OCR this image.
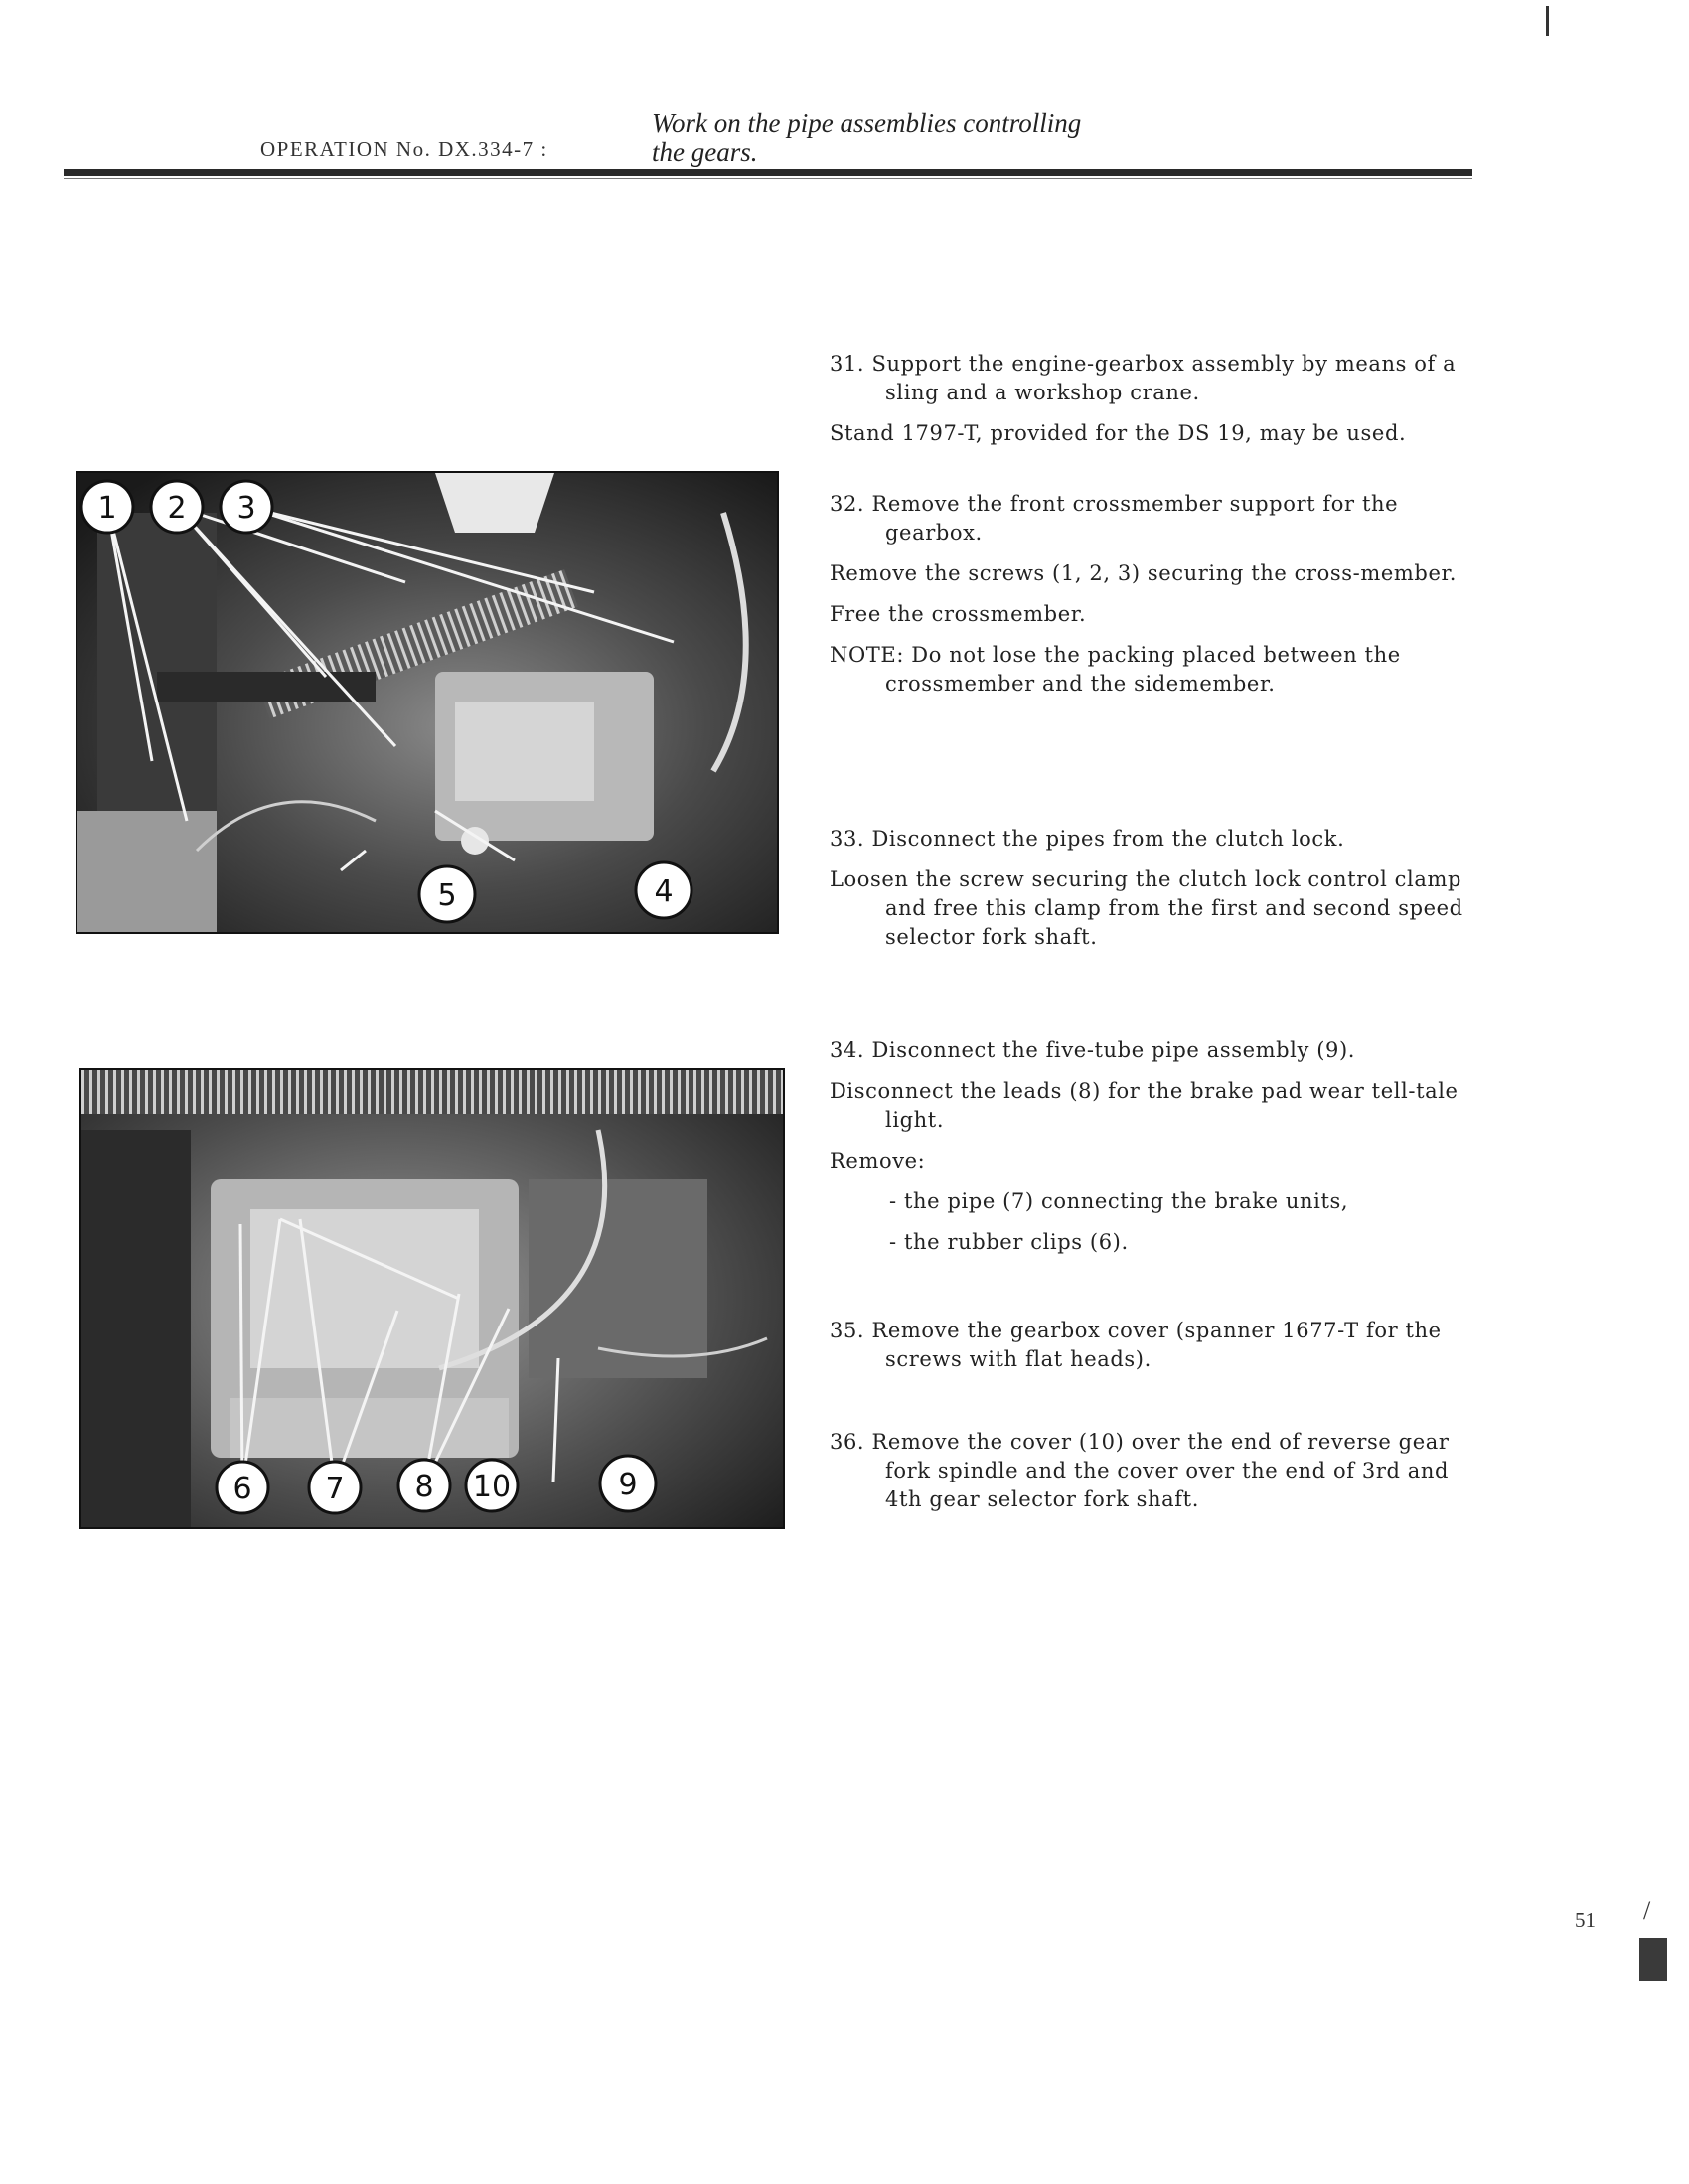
OPERATION No. DX.334-7 :
Work on the pipe assemblies controlling
the gears.
31. Support the engine-gearbox assembly by means of a sling and a workshop crane.
Stand 1797-T, provided for the DS 19, may be used.
32. Remove the front crossmember support for the gearbox.
Remove the screws (1, 2, 3) securing the cross-member.
Free the crossmember.
NOTE: Do not lose the packing placed between the crossmember and the sidemember.
33. Disconnect the pipes from the clutch lock.
Loosen the screw securing the clutch lock control clamp and free this clamp from the first and second speed selector fork shaft.
34. Disconnect the five-tube pipe assembly (9).
Disconnect the leads (8) for the brake pad wear tell-tale light.
Remove:
- the pipe (7) connecting the brake units,
- the rubber clips (6).
35. Remove the gearbox cover (spanner 1677-T for the screws with flat heads).
36. Remove the cover (10) over the end of reverse gear fork spindle and the cover over the end of 3rd and 4th gear selector fork shaft.
1 2 3
4
5
6 7 8 10	9
51 /
